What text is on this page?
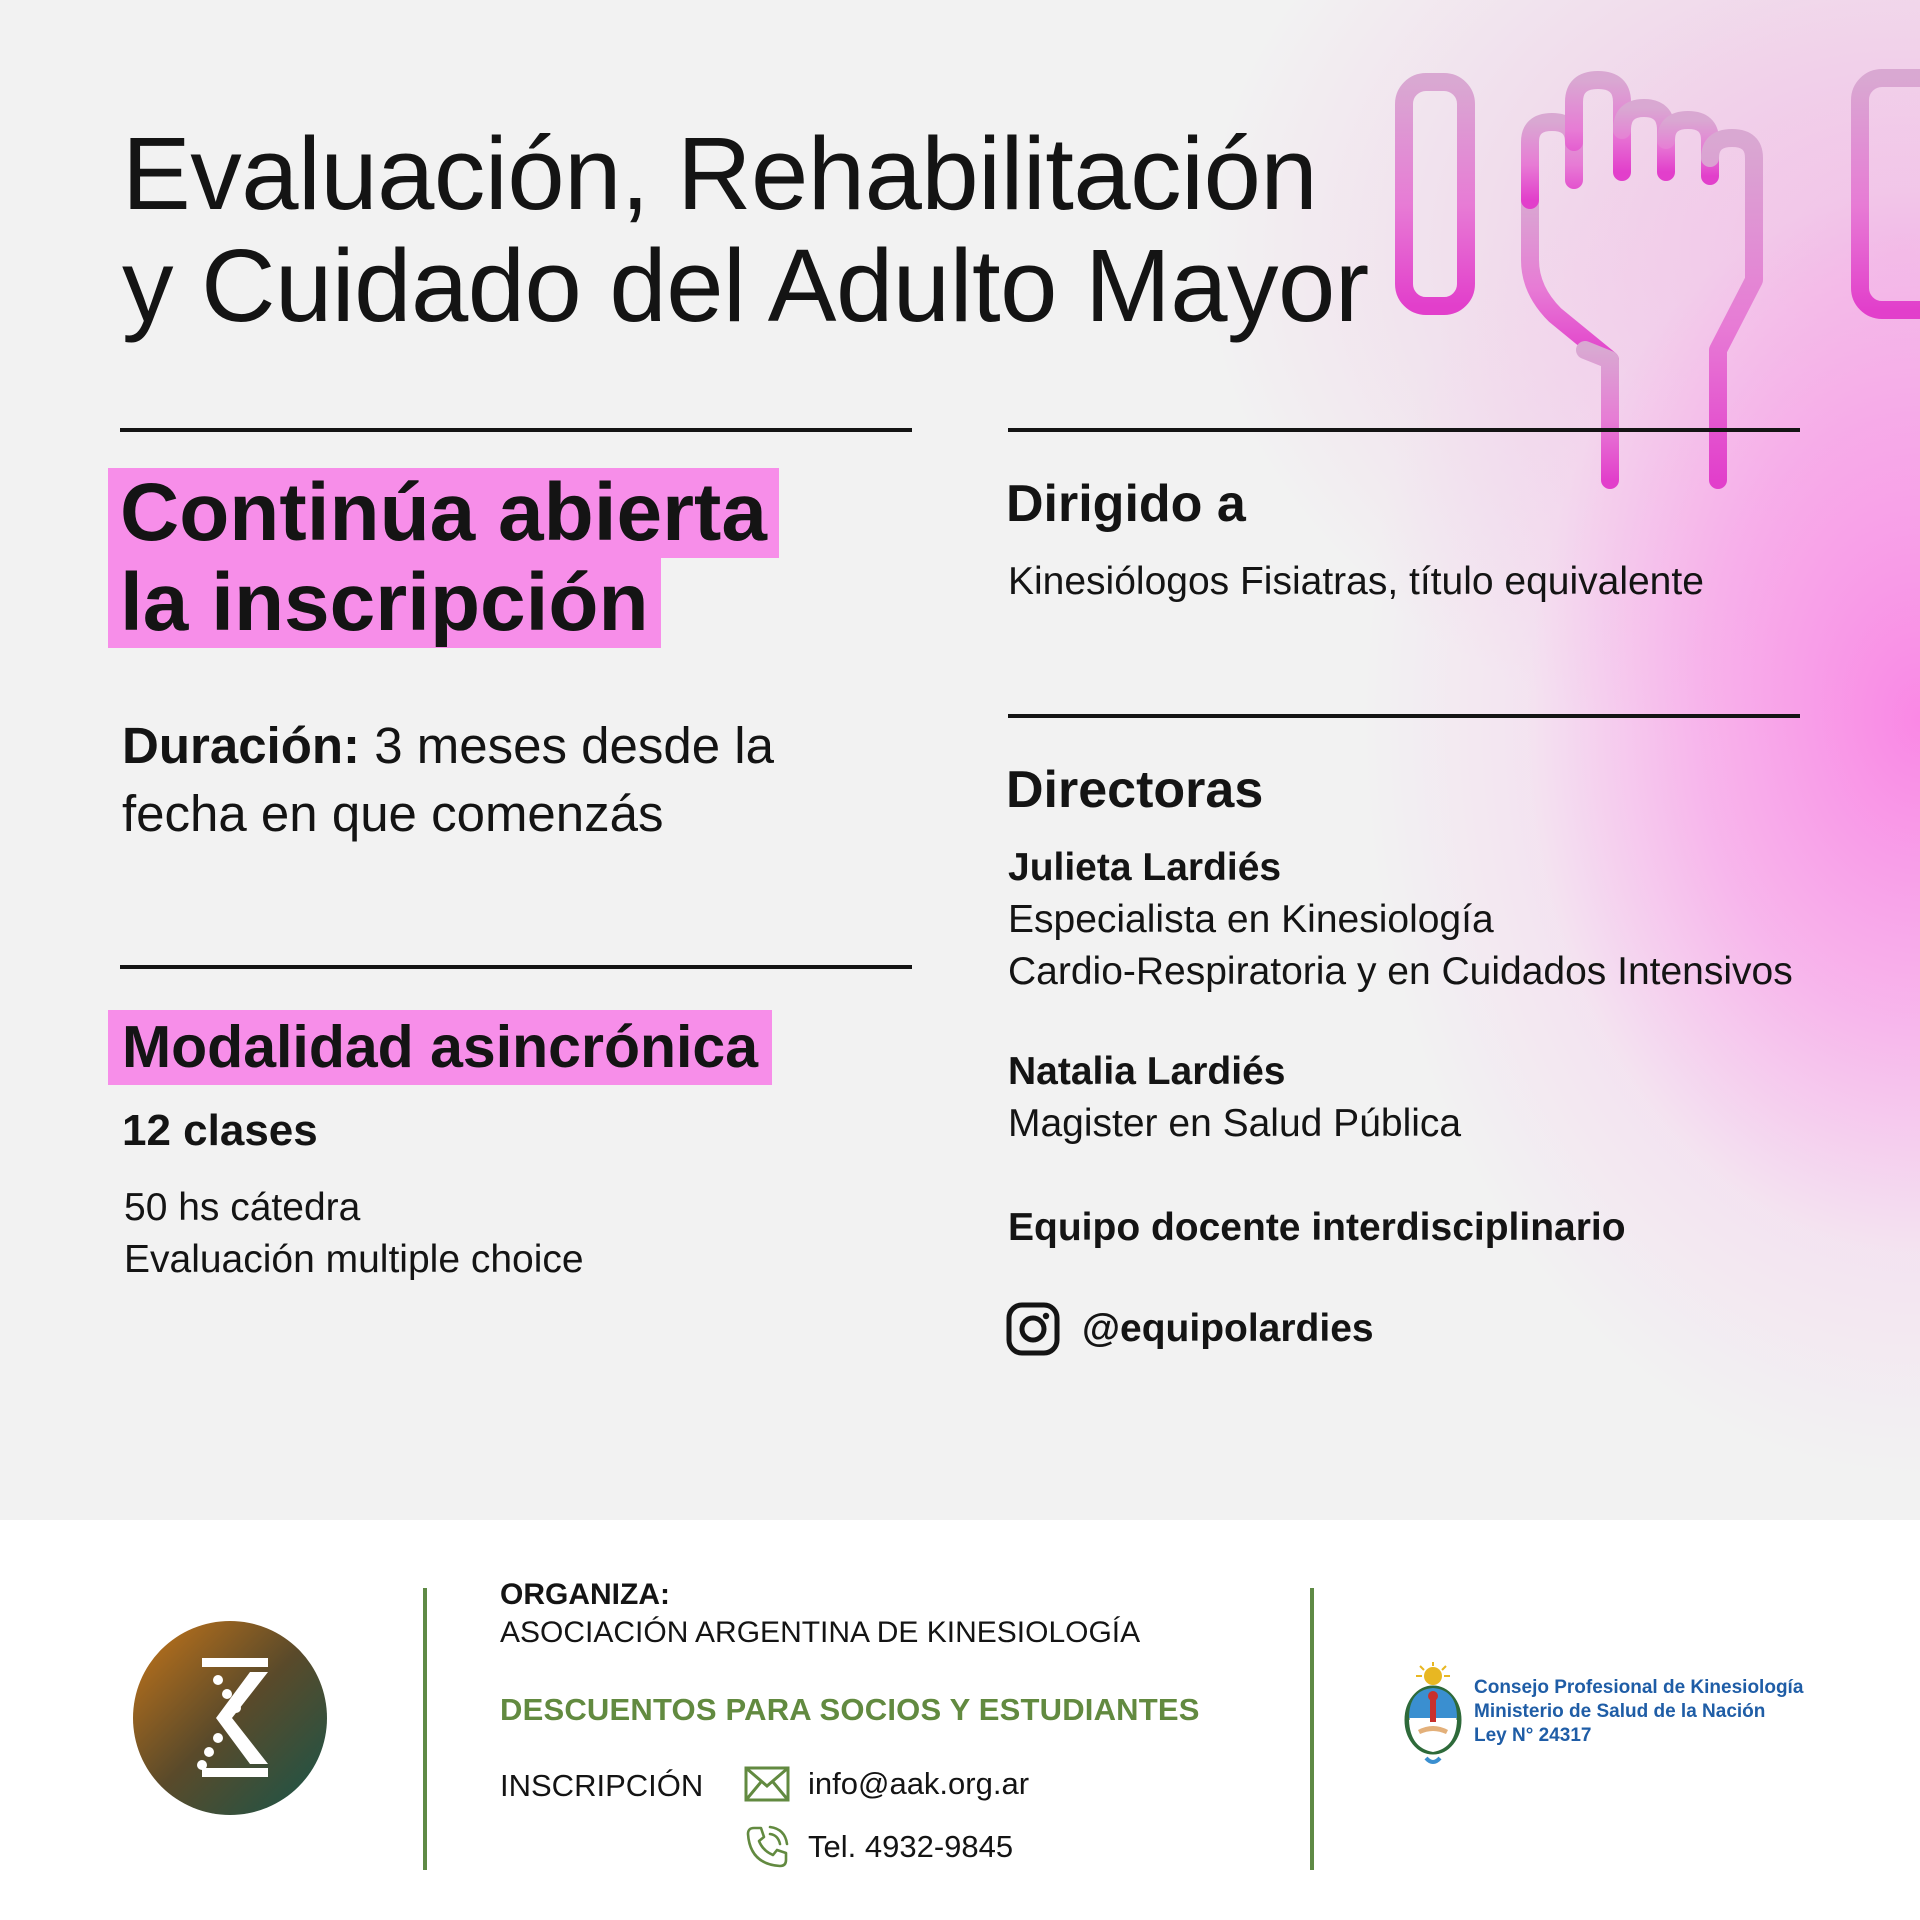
Evaluación, Rehabilitación
y Cuidado del Adulto Mayor
Continúa abierta
la inscripción
Duración: 3 meses desde la fecha en que comenzás
Modalidad asincrónica
12 clases
50 hs cátedra
Evaluación multiple choice
Dirigido a
Kinesiólogos Fisiatras, título equivalente
Directoras
Julieta Lardiés
Especialista en Kinesiología
Cardio-Respiratoria y en Cuidados Intensivos
Natalia Lardiés
Magister en Salud Pública
Equipo docente interdisciplinario
@equipolardies
ORGANIZA:
ASOCIACIÓN ARGENTINA DE KINESIOLOGÍA
DESCUENTOS PARA SOCIOS Y ESTUDIANTES
INSCRIPCIÓN	info@aak.org.ar
Tel. 4932-9845
Consejo Profesional de Kinesiología
Ministerio de Salud de la Nación
Ley N° 24317
